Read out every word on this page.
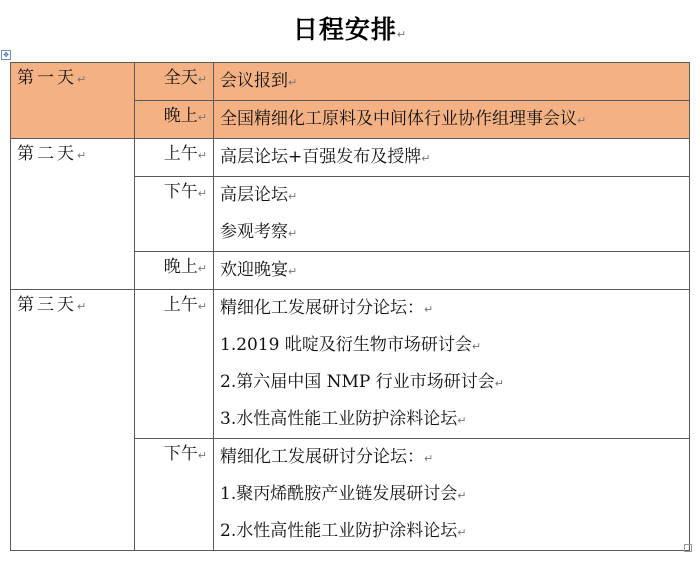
日程安排↵
✥
第一天↵	全天↵	会议报到↵

	晚上↵	全国精细化工原料及中间体行业协作组理事会议↵

第二天↵	上午↵	高层论坛+百强发布及授牌↵

	下午↵	高层论坛↵
参观考察↵

	晚上↵	欢迎晚宴↵

第三天↵	上午↵	精细化工发展研讨分论坛：↵
1.2019 吡啶及衍生物市场研讨会↵
2.第六届中国 NMP 行业市场研讨会↵
3.水性高性能工业防护涂料论坛↵

	下午↵	精细化工发展研讨分论坛：↵
1.聚丙烯酰胺产业链发展研讨会↵
2.水性高性能工业防护涂料论坛↵
